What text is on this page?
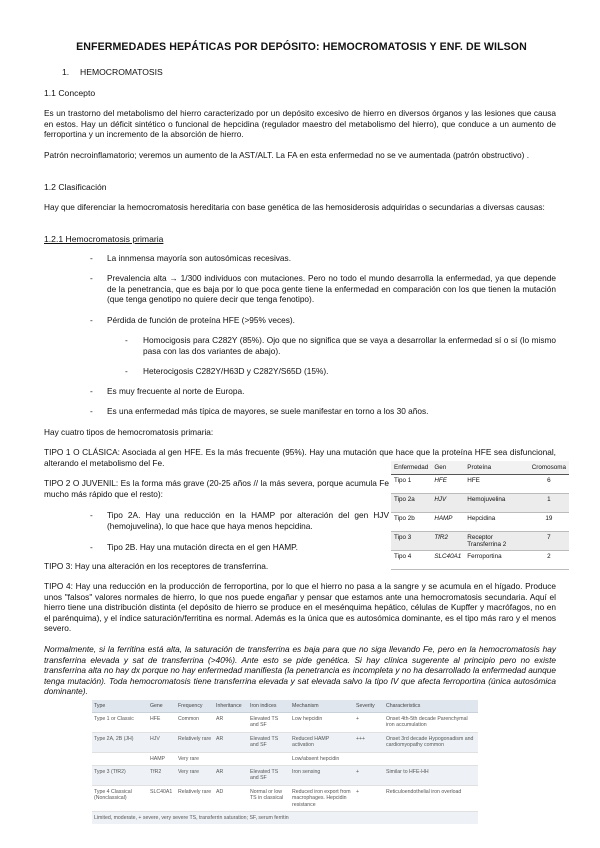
ENFERMEDADES HEPÁTICAS POR DEPÓSITO: HEMOCROMATOSIS Y ENF. DE WILSON
1. HEMOCROMATOSIS
1.1 Concepto
Es un trastorno del metabolismo del hierro caracterizado por un depósito excesivo de hierro en diversos órganos y las lesiones que causa en estos. Hay un déficit sintético o funcional de hepcidina (regulador maestro del metabolismo del hierro), que conduce a un aumento de ferroportina y un incremento de la absorción de hierro.
Patrón necroinflamatorio; veremos un aumento de la AST/ALT. La FA en esta enfermedad no se ve aumentada (patrón obstructivo) .
1.2 Clasificación
Hay que diferenciar la hemocromatosis hereditaria con base genética de las hemosiderosis adquiridas o secundarias a diversas causas:
1.2.1 Hemocromatosis primaria
- La innmensa mayoría son autosómicas recesivas.
- Prevalencia alta → 1/300 individuos con mutaciones. Pero no todo el mundo desarrolla la enfermedad, ya que depende de la penetrancia, que es baja por lo que poca gente tiene la enfermedad en comparación con los que tienen la mutación (que tenga genotipo no quiere decir que tenga fenotipo).
- Pérdida de función de proteína HFE (>95% veces).
- Homocigosis para C282Y (85%). Ojo que no significa que se vaya a desarrollar la enfermedad sí o sí (lo mismo pasa con las dos variantes de abajo).
- Heterocigosis C282Y/H63D y C282Y/S65D (15%).
- Es muy frecuente al norte de Europa.
- Es una enfermedad más típica de mayores, se suele manifestar en torno a los 30 años.
Hay cuatro tipos de hemocromatosis primaria:
TIPO 1 O CLÁSICA: Asociada al gen HFE. Es la más frecuente (95%). Hay una mutación que hace que la proteína HFE sea disfuncional, alterando el metabolismo del Fe.
TIPO 2 O JUVENIL: Es la forma más grave (20-25 años // la más severa, porque acumula Fe mucho más rápido que el resto):
- Tipo 2A. Hay una reducción en la HAMP por alteración del gen HJV (hemojuvelina), lo que hace que haya menos hepcidina.
- Tipo 2B. Hay una mutación directa en el gen HAMP.
TIPO 3: Hay una alteración en los receptores de transferrina.
Enfermedad	Gen	Proteína	Cromosoma
Tipo 1	HFE	HFE	6
Tipo 2a	HJV	Hemojuvelina	1
Tipo 2b	HAMP	Hepcidina	19
Tipo 3	TfR2	Receptor Transferrina 2	7
Tipo 4	SLC40A1	Ferroportina	2
TIPO 4: Hay una reducción en la producción de ferroportina, por lo que el hierro no pasa a la sangre y se acumula en el hígado. Produce unos "falsos" valores normales de hierro, lo que nos puede engañar y pensar que estamos ante una hemocromatosis secundaria. Aquí el hierro tiene una distribución distinta (el depósito de hierro se produce en el mesénquima hepático, células de Kupffer y macrófagos, no en el parénquima), y el índice saturación/ferritina es normal. Además es la única que es autosómica dominante, es el tipo más raro y el menos severo.
Normalmente, si la ferritina está alta, la saturación de transferrina es baja para que no siga llevando Fe, pero en la hemocromatosis hay transferrina elevada y sat de transferrina (>40%). Ante esto se pide genética. Si hay clínica sugerente al principio pero no existe transferrina alta no hay dx porque no hay enfermedad manifiesta (la penetrancia es incompleta y no ha desarrollado la enfermedad aunque tenga mutación). Toda hemocromatosis tiene transferrina elevada y sat elevada salvo la tipo IV que afecta ferroportina (única autosómica dominante).
Type	Gene	Frequency	Inheritance	Iron indices	Mechanism	Severity	Characteristics
Type 1 or Classic	HFE	Common	AR	Elevated TS and SF	Low hepcidin	+	Onset 4th-5th decade Parenchymal iron accumulation
Type 2A, 2B (JH)	HJV	Relatively rare	AR	Elevated TS and SF	Reduced HAMP activation	+++	Onset 3rd decade Hypogonadism and cardiomyopathy common
	HAMP	Very rare			Low/absent hepcidin		
Type 3 (TfR2)	TfR2	Very rare	AR	Elevated TS and SF	Iron sensing	+	Similar to HFE-HH
Type 4 Classical (Nonclassical)	SLC40A1	Relatively rare	AD	Normal or low TS in classical	Reduced iron export from macrophages. Hepcidin resistance	+	Reticuloendothelial iron overload
Limited, moderate, + severe, very severe TS, transferrin saturation; SF, serum ferritin							
